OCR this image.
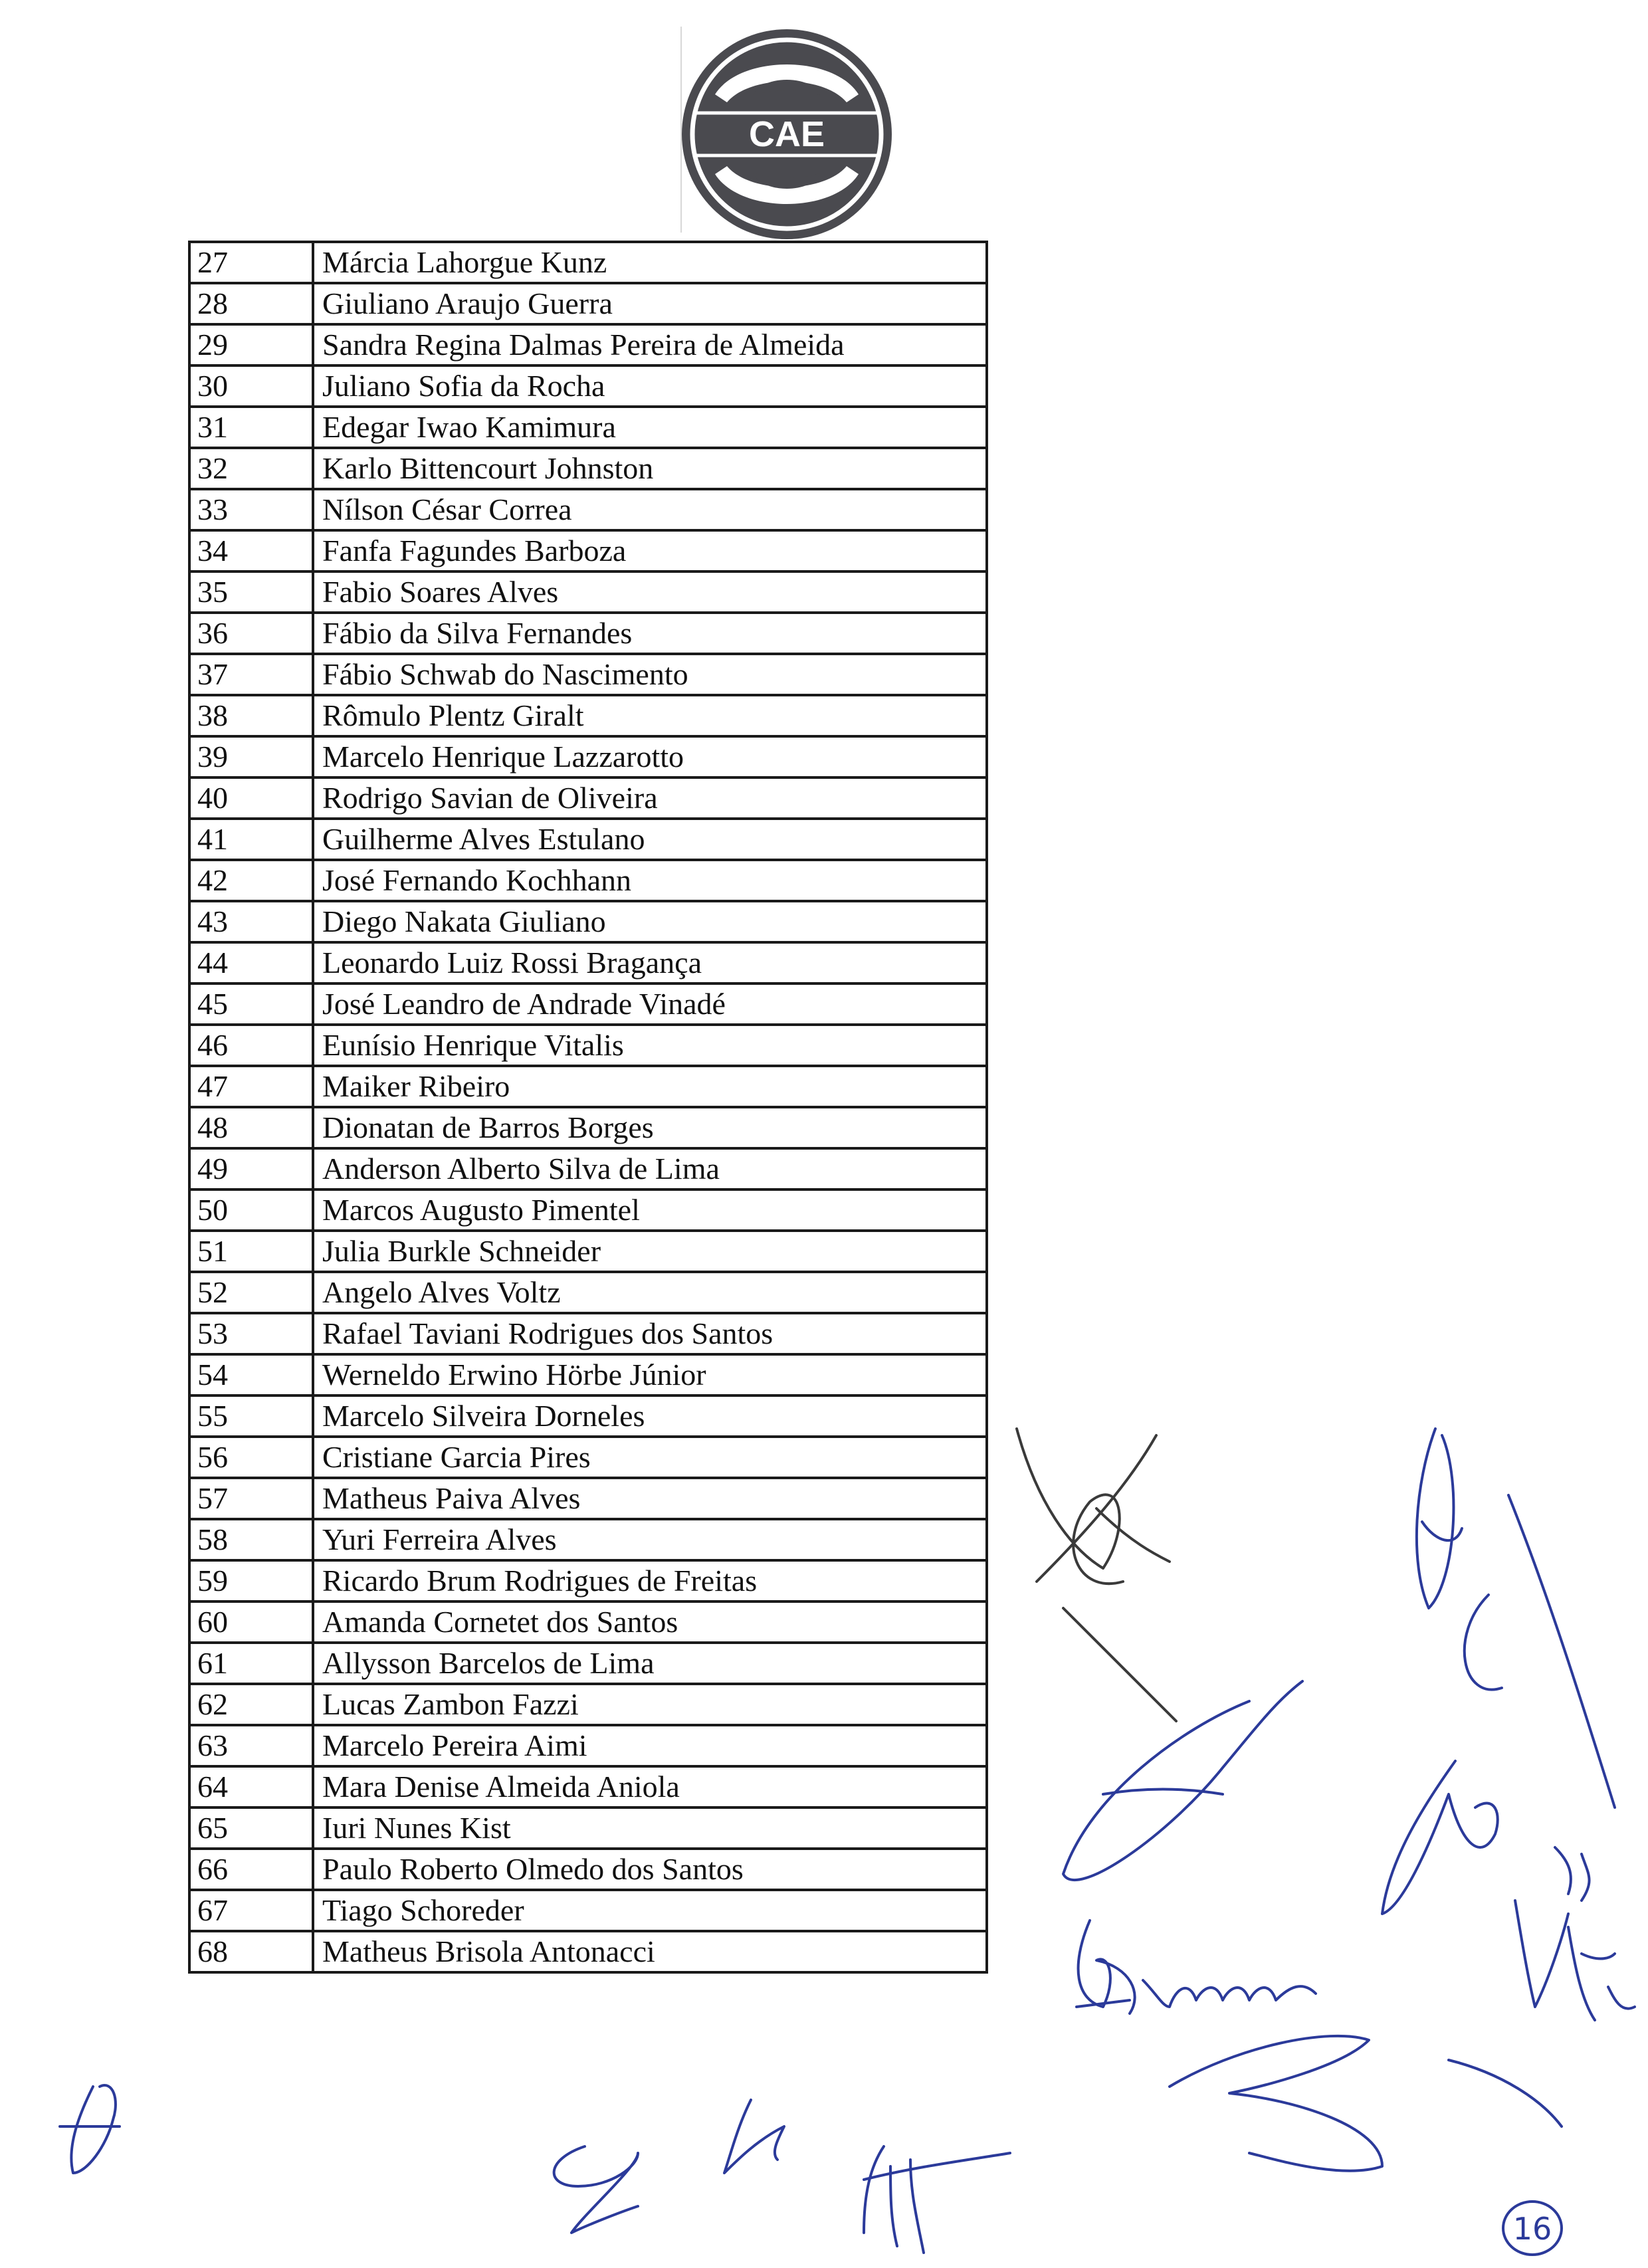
CAE
27	Márcia Lahorgue Kunz
28	Giuliano Araujo Guerra
29	Sandra Regina Dalmas Pereira de Almeida
30	Juliano Sofia da Rocha
31	Edegar Iwao Kamimura
32	Karlo Bittencourt Johnston
33	Nílson César Correa
34	Fanfa Fagundes Barboza
35	Fabio Soares Alves
36	Fábio da Silva Fernandes
37	Fábio Schwab do Nascimento
38	Rômulo Plentz Giralt
39	Marcelo Henrique Lazzarotto
40	Rodrigo Savian de Oliveira
41	Guilherme Alves Estulano
42	José Fernando Kochhann
43	Diego Nakata Giuliano
44	Leonardo Luiz Rossi Bragança
45	José Leandro de Andrade Vinadé
46	Eunísio Henrique Vitalis
47	Maiker Ribeiro
48	Dionatan de Barros Borges
49	Anderson Alberto Silva de Lima
50	Marcos Augusto Pimentel
51	Julia Burkle Schneider
52	Angelo Alves Voltz
53	Rafael Taviani Rodrigues dos Santos
54	Werneldo Erwino Hörbe Júnior
55	Marcelo Silveira Dorneles
56	Cristiane Garcia Pires
57	Matheus Paiva Alves
58	Yuri Ferreira Alves
59	Ricardo Brum Rodrigues de Freitas
60	Amanda Cornetet dos Santos
61	Allysson Barcelos de Lima
62	Lucas Zambon Fazzi
63	Marcelo Pereira Aimi
64	Mara Denise Almeida Aniola
65	Iuri Nunes Kist
66	Paulo Roberto Olmedo dos Santos
67	Tiago Schoreder
68	Matheus Brisola Antonacci
16
